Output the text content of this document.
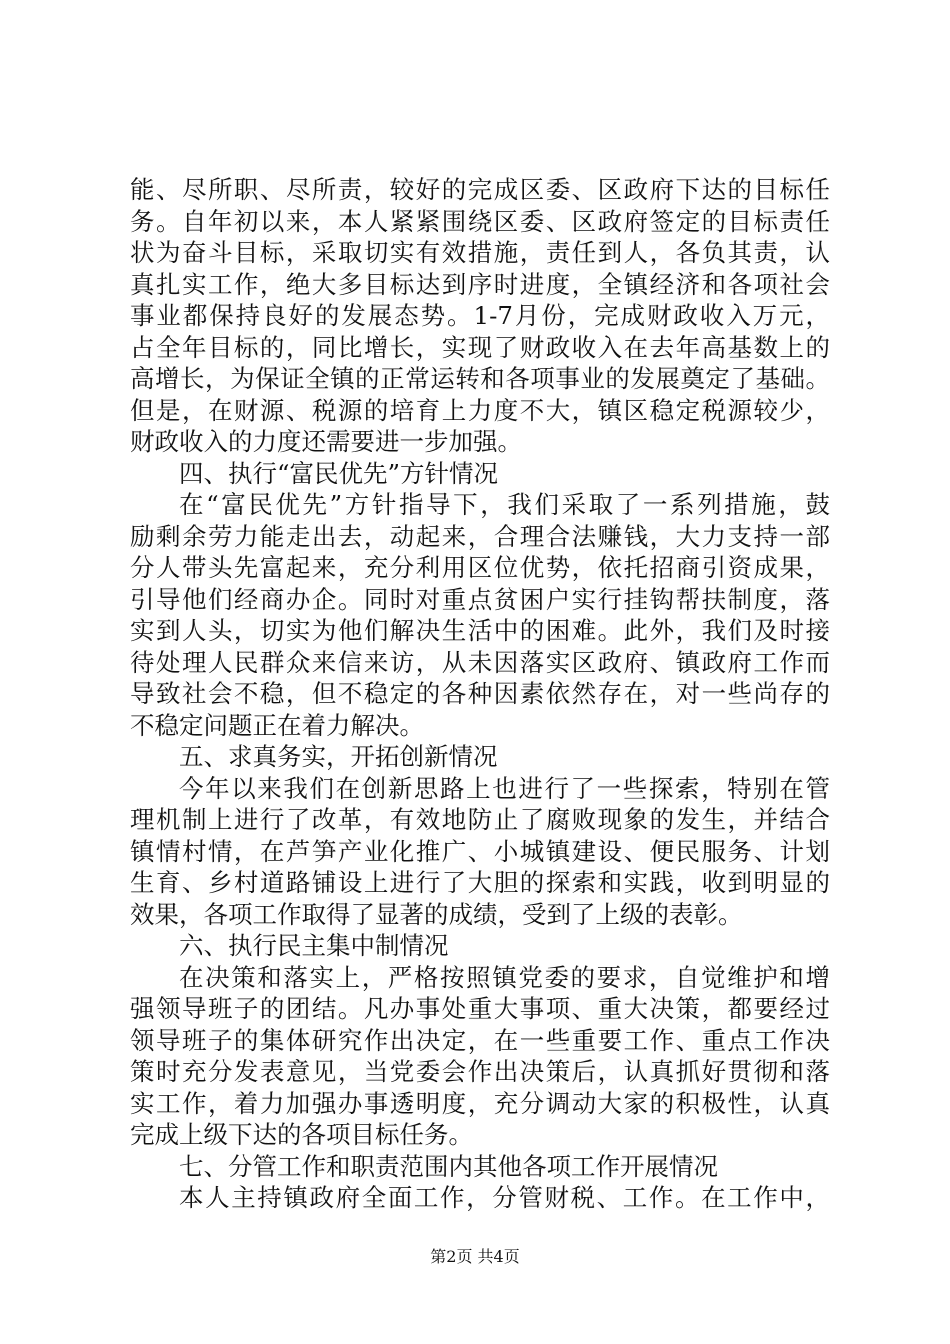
能、尽所职、尽所责，较好的完成区委、区政府下达的目标任
务。自年初以来，本人紧紧围绕区委、区政府签定的目标责任
状为奋斗目标，采取切实有效措施，责任到人，各负其责，认
真扎实工作，绝大多目标达到序时进度，全镇经济和各项社会
事业都保持良好的发展态势。1-7月份，完成财政收入万元，
占全年目标的，同比增长，实现了财政收入在去年高基数上的
高增长，为保证全镇的正常运转和各项事业的发展奠定了基础。
但是，在财源、税源的培育上力度不大，镇区稳定税源较少，
财政收入的力度还需要进一步加强。
四、执行“富民优先”方针情况
在“富民优先”方针指导下，我们采取了一系列措施，鼓
励剩余劳力能走出去，动起来，合理合法赚钱，大力支持一部
分人带头先富起来，充分利用区位优势，依托招商引资成果，
引导他们经商办企。同时对重点贫困户实行挂钩帮扶制度，落
实到人头，切实为他们解决生活中的困难。此外，我们及时接
待处理人民群众来信来访，从未因落实区政府、镇政府工作而
导致社会不稳，但不稳定的各种因素依然存在，对一些尚存的
不稳定问题正在着力解决。
五、求真务实，开拓创新情况
今年以来我们在创新思路上也进行了一些探索，特别在管
理机制上进行了改革，有效地防止了腐败现象的发生，并结合
镇情村情，在芦笋产业化推广、小城镇建设、便民服务、计划
生育、乡村道路铺设上进行了大胆的探索和实践，收到明显的
效果，各项工作取得了显著的成绩，受到了上级的表彰。
六、执行民主集中制情况
在决策和落实上，严格按照镇党委的要求，自觉维护和增
强领导班子的团结。凡办事处重大事项、重大决策，都要经过
领导班子的集体研究作出决定，在一些重要工作、重点工作决
策时充分发表意见，当党委会作出决策后，认真抓好贯彻和落
实工作，着力加强办事透明度，充分调动大家的积极性，认真
完成上级下达的各项目标任务。
七、分管工作和职责范围内其他各项工作开展情况
本人主持镇政府全面工作，分管财税、工作。在工作中，
第2页 共4页
